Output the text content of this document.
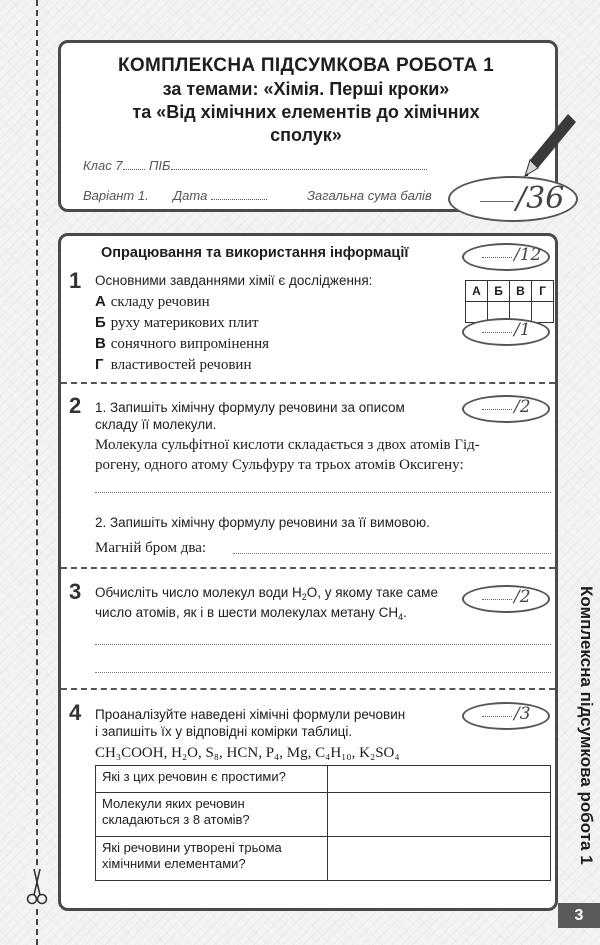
КОМПЛЕКСНА ПІДСУМКОВА РОБОТА 1
за темами: «Хімія. Перші кроки»
та «Від хімічних елементів до хімічних
сполук»
Клас 7	ПІБ
Варіант 1. Дата	Загальна сума балів	/36
Опрацювання та використання інформації
1 Основними завданнями хімії є дослідження:
А складу речовин
Б руху материкових плит
В сонячного випромінення
Г властивостей речовин
А	Б	В	Г

2 1. Запишіть хімічну формулу речовини за описом
складу її молекули.
Молекула сульфітної кислоти складається з двох атомів Гід-
рогену, одного атому Сульфуру та трьох атомів Оксигену:
2. Запишіть хімічну формулу речовини за її вимовою.
Магній бром два:
3 Обчисліть число молекул води $H_2O$, у якому таке саме
число атомів, як і в шести молекулах метану $CH_4$.
4 Проаналізуйте наведені хімічні формули речовин
і запишіть їх у відповідні комірки таблиці.
CH₃COOH, H₂O, S₈, HCN, P₄, Mg, C₄H₁₀, K₂SO₄
Які з цих речовин є простими?	
Молекули яких речовин складаються з 8 атомів?	
Які речовини утворені трьома хімічними елементами?	
/12
/1
/2
/2
/3	Комплексна підсумкова робота 1
3
